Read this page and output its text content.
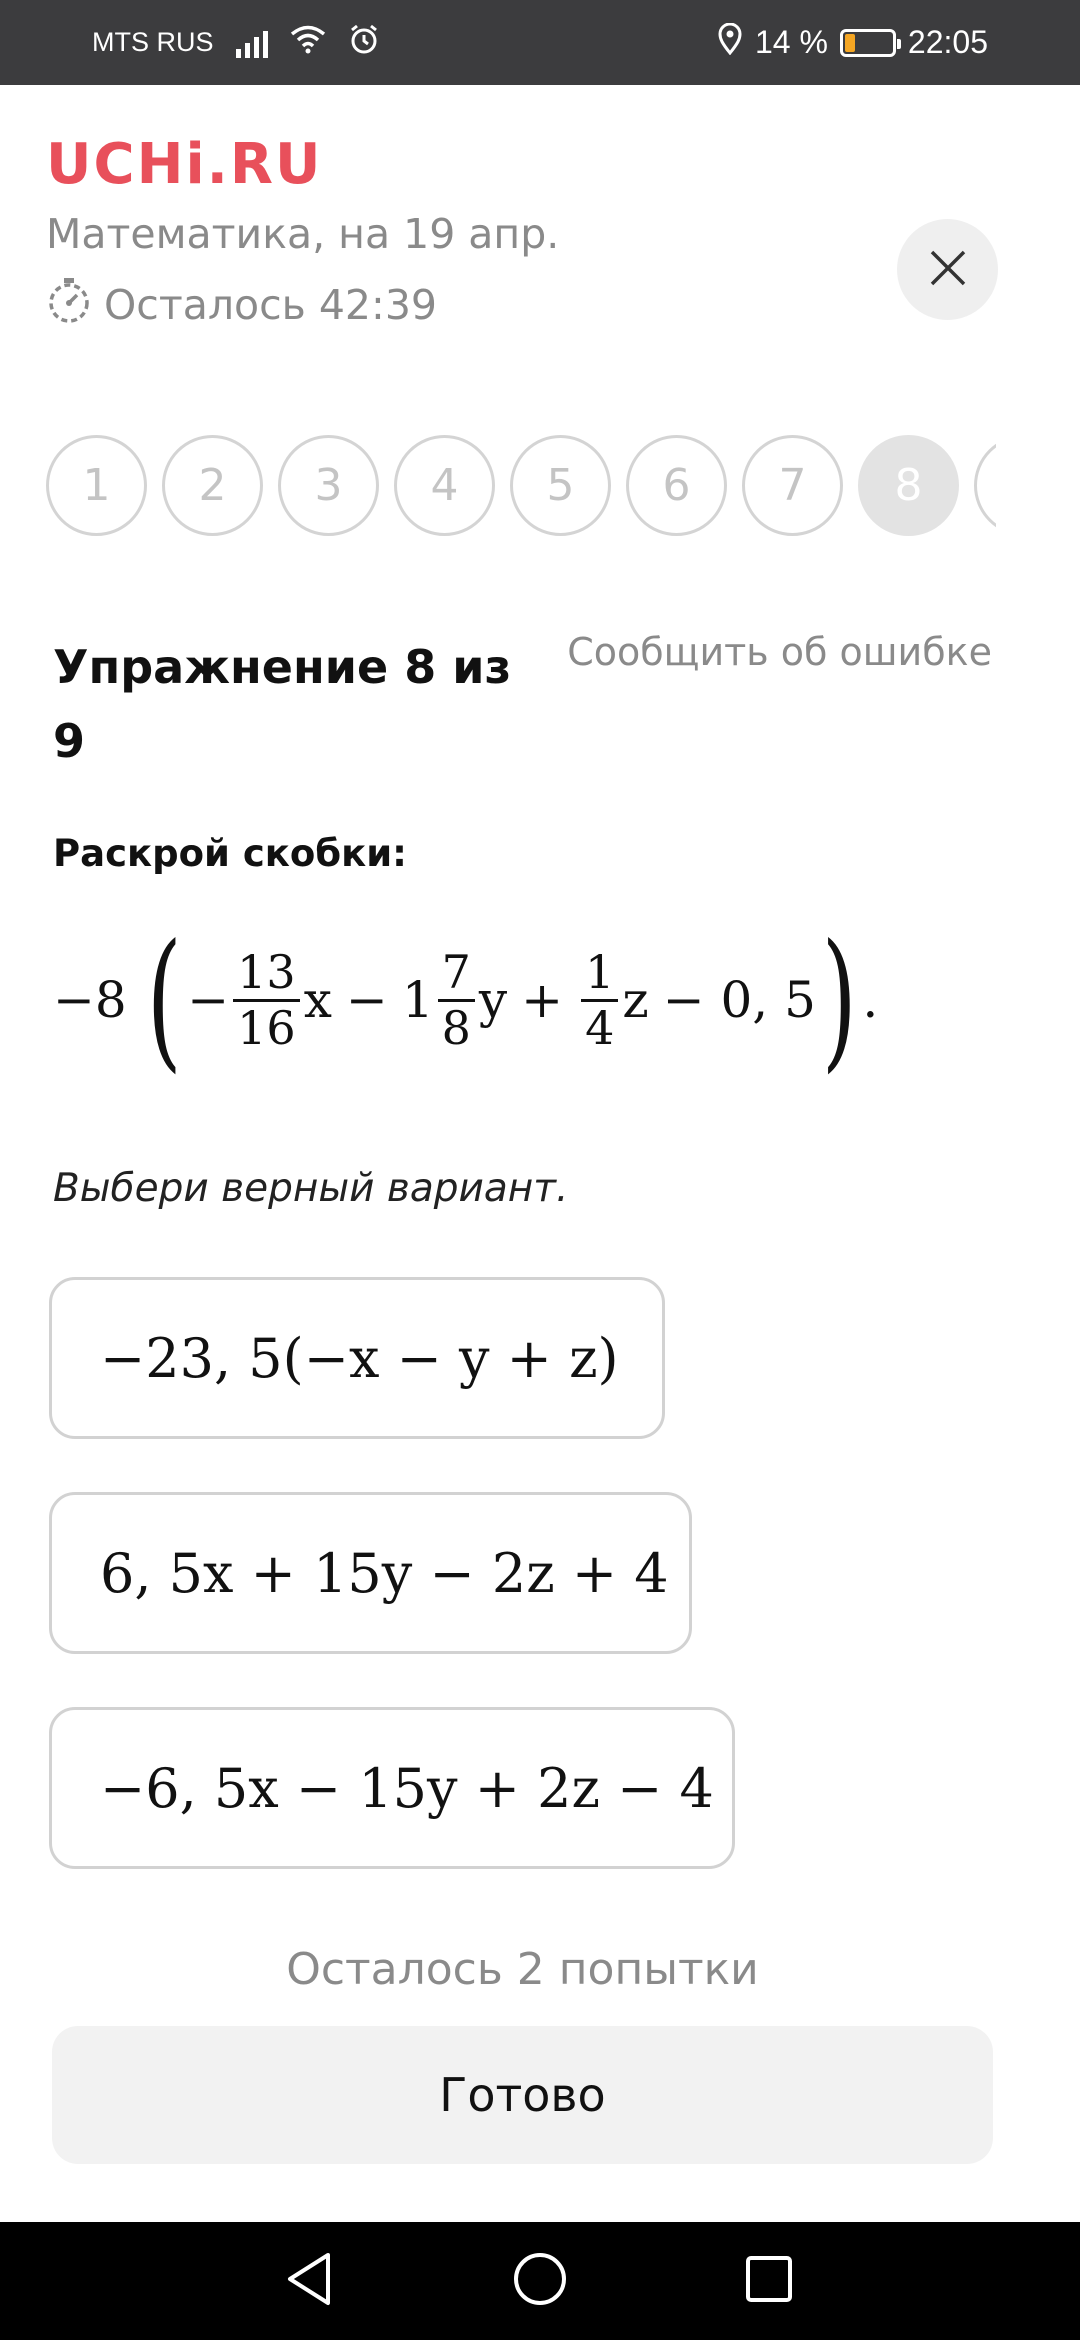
MTS RUS	14 %	22:05
UCHi.RU
Математика, на 19 апр.
Осталось 42:39
1	2	3	4	5	6	7	8
Упражнение 8 из 9
Сообщить об ошибке
Раскрой скобки:
−8 ( − $\frac{13}{16}$ $x - 1 \frac{7}{8}$ $y + \frac{1}{4}$ z − 0, 5 ) .
Выбери верный вариант.
−23, 5(−x − y + z)
6, 5x + 15y − 2z + 4
−6, 5x − 15y + 2z − 4
Осталось 2 попытки
Готово
